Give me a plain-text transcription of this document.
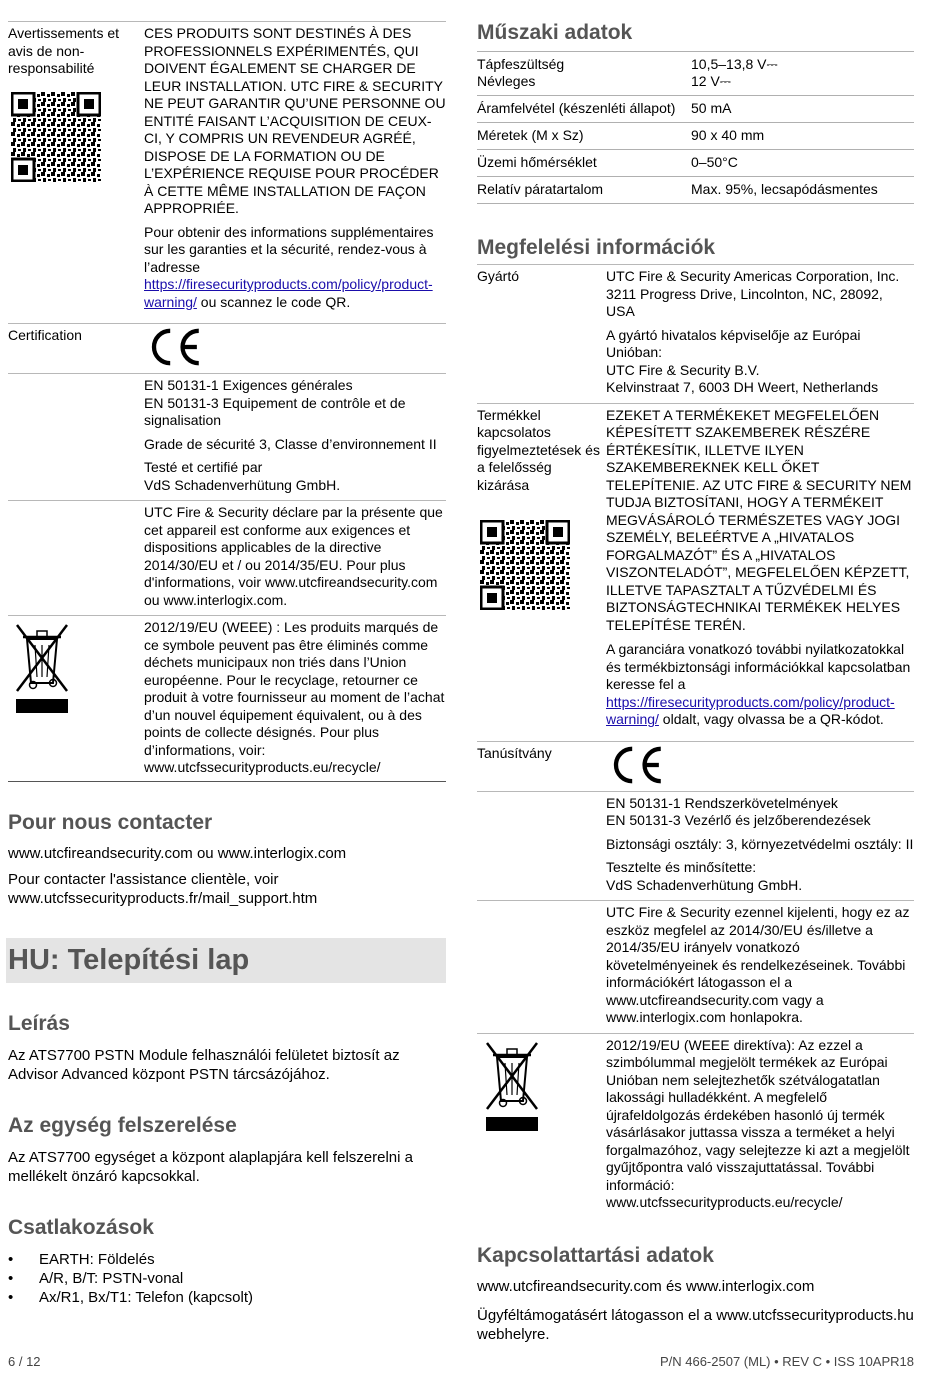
Avertissements et avis de non-responsabilité	CES PRODUITS SONT DESTINÉS À DES PROFESSIONNELS EXPÉRIMENTÉS, QUI DOIVENT ÉGALEMENT SE CHARGER DE LEUR INSTALLATION. UTC FIRE & SECURITY NE PEUT GARANTIR QU’UNE PERSONNE OU ENTITÉ FAISANT L’ACQUISITION DE CEUX-CI, Y COMPRIS UN REVENDEUR AGRÉÉ, DISPOSE DE LA FORMATION OU DE L’EXPÉRIENCE REQUISE POUR PROCÉDER À CETTE MÊME INSTALLATION DE FAÇON APPROPRIÉE.

Pour obtenir des informations supplémentaires sur les garanties et la sécurité, rendez-vous à l’adresse https://firesecurityproducts.com/policy/product-warning/ ou scannez le code QR.

Certification	

	EN 50131-1 Exigences générales

EN 50131-3 Equipement de contrôle et de signalisation

Grade de sécurité 3, Classe d’environnement II

Testé et certifié par
VdS Schadenverhütung GmbH.

	UTC Fire & Security déclare par la présente que cet appareil est conforme aux exigences et dispositions applicables de la directive 2014/30/EU et / ou 2014/35/EU. Pour plus d'informations, voir www.utcfireandsecurity.com ou www.interlogix.com.

	2012/19/EU (WEEE) : Les produits marqués de ce symbole peuvent pas être éliminés comme déchets municipaux non triés dans l’Union européenne. Pour le recyclage, retourner ce produit à votre fournisseur au moment de l’achat d’un nouvel équipement équivalent, ou à des points de collecte désignés. Pour plus d’informations, voir: www.utcfssecurityproducts.eu/recycle/
Pour nous contacter

www.utcfireandsecurity.com ou www.interlogix.com

Pour contacter l'assistance clientèle, voir www.utcfssecurityproducts.fr/mail_support.htm

HU: Telepítési lap
Leírás

Az ATS7700 PSTN Module felhasználói felületet biztosít az Advisor Advanced központ PSTN tárcsázójához.

Az egység felszerelése

Az ATS7700 egységet a központ alaplapjára kell felszerelni a mellékelt önzáró kapcsokkal.

Csatlakozások
• EARTH: Földelés
• A/R, B/T: PSTN-vonal
• Ax/R1, Bx/T1: Telefon (kapcsolt)
Műszaki adatok
Tápfeszültség	10,5–13,8 V⎓
Névleges	12 V⎓
Áramfelvétel (készenléti állapot)	50 mA
Méretek (M x Sz)	90 x 40 mm
Üzemi hőmérséklet	0–50°C
Relatív páratartalom	Max. 95%, lecsapódásmentes
Megfelelési információk
Gyártó	UTC Fire & Security Americas Corporation, Inc. 3211 Progress Drive, Lincolnton, NC, 28092, USA

A gyártó hivatalos képviselője az Európai Unióban:
UTC Fire & Security B.V.
Kelvinstraat 7, 6003 DH Weert, Netherlands

Termékkel kapcsolatos figyelmeztetések és a felelősség kizárása	EZEKET A TERMÉKEKET MEGFELELŐEN KÉPESÍTETT SZAKEMBEREK RÉSZÉRE ÉRTÉKESÍTIK, ILLETVE ILYEN SZAKEMBEREKNEK KELL ŐKET TELEPÍTENIE. AZ UTC FIRE & SECURITY NEM TUDJA BIZTOSÍTANI, HOGY A TERMÉKEIT MEGVÁSÁROLÓ TERMÉSZETES VAGY JOGI SZEMÉLY, BELEÉRTVE A „HIVATALOS FORGALMAZÓT” ÉS A „HIVATALOS VISZONTELADÓT”, MEGFELELŐEN KÉPZETT, ILLETVE TAPASZTALT A TŰZVÉDELMI ÉS BIZTONSÁGTECHNIKAI TERMÉKEK HELYES TELEPÍTÉSE TERÉN.

A garanciára vonatkozó további nyilatkozatokkal és termékbiztonsági információkkal kapcsolatban keresse fel a https://firesecurityproducts.com/policy/product-warning/ oldalt, vagy olvassa be a QR-kódot.

Tanúsítvány	

	EN 50131-1 Rendszerkövetelmények

EN 50131-3 Vezérlő és jelzőberendezések

Biztonsági osztály: 3, környezetvédelmi osztály: II

Tesztelte és minősítette:
VdS Schadenverhütung GmbH.

	UTC Fire & Security ezennel kijelenti, hogy ez az eszköz megfelel az 2014/30/EU és/illetve a 2014/35/EU irányelv vonatkozó követelményeinek és rendelkezéseinek. További információkért látogasson el a www.utcfireandsecurity.com vagy a www.interlogix.com honlapokra.

	2012/19/EU (WEEE direktíva): Az ezzel a szimbólummal megjelölt termékek az Európai Unióban nem selejtezhetők szétválogatatlan lakossági hulladékként. A megfelelő újrafeldolgozás érdekében hasonló új termék vásárlásakor juttassa vissza a terméket a helyi forgalmazóhoz, vagy selejtezze ki azt a megjelölt gyűjtőpontra való visszajuttatással. További információ: www.utcfssecurityproducts.eu/recycle/
Kapcsolattartási adatok

www.utcfireandsecurity.com és www.interlogix.com

Ügyféltámogatásért látogasson el a www.utcfssecurityproducts.hu webhelyre.

6 / 12	P/N 466-2507 (ML) • REV C • ISS 10APR18
